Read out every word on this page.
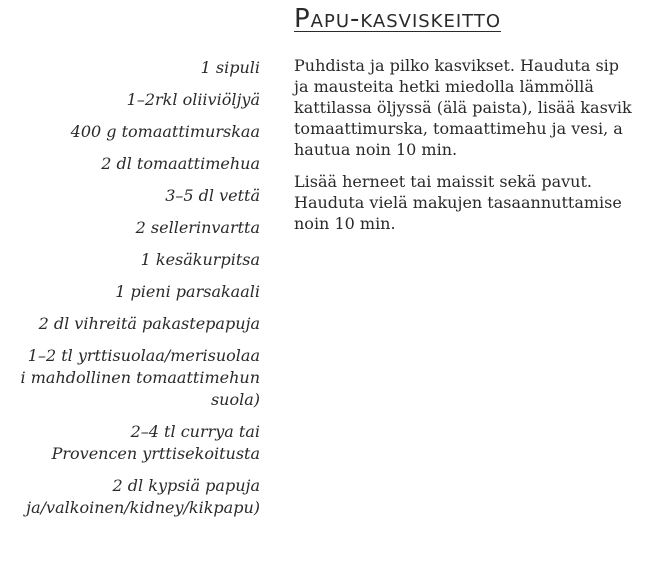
Papu-kasviskeitto
1 sipuli
1–2rkl oliiviöljyä
400 g tomaattimurskaa
2 dl tomaattimehua
3–5 dl vettä
2 sellerinvartta
1 kesäkurpitsa
1 pieni parsakaali
2 dl vihreitä pakastepapuja
1–2 tl yrttisuolaa/merisuolaa
i mahdollinen tomaattimehun
suola)
2–4 tl currya tai
Provencen yrttisekoitusta
2 dl kypsiä papuja
ja/valkoinen/kidney/kikpapu)

Puhdista ja pilko kasvikset. Hauduta sip
ja mausteita hetki miedolla lämmöllä
kattilassa öljyssä (älä paista), lisää kasvik
tomaattimurska, tomaattimehu ja vesi, a
hautua noin 10 min.

Lisää herneet tai maissit sekä pavut.
Hauduta vielä makujen tasaannuttamise
noin 10 min.
